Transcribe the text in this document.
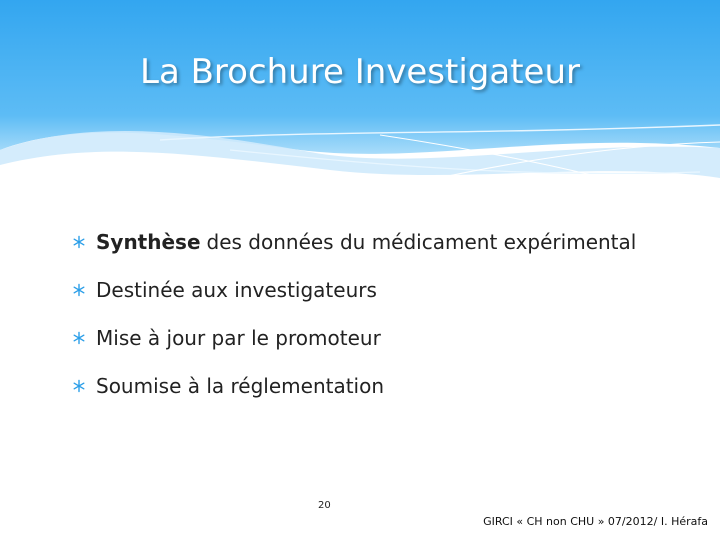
La Brochure Investigateur
Synthèse des données du médicament expérimental
Destinée aux investigateurs
Mise à jour par le promoteur
Soumise à la réglementation
20
GIRCI « CH non CHU » 07/2012/ I. Hérafa
